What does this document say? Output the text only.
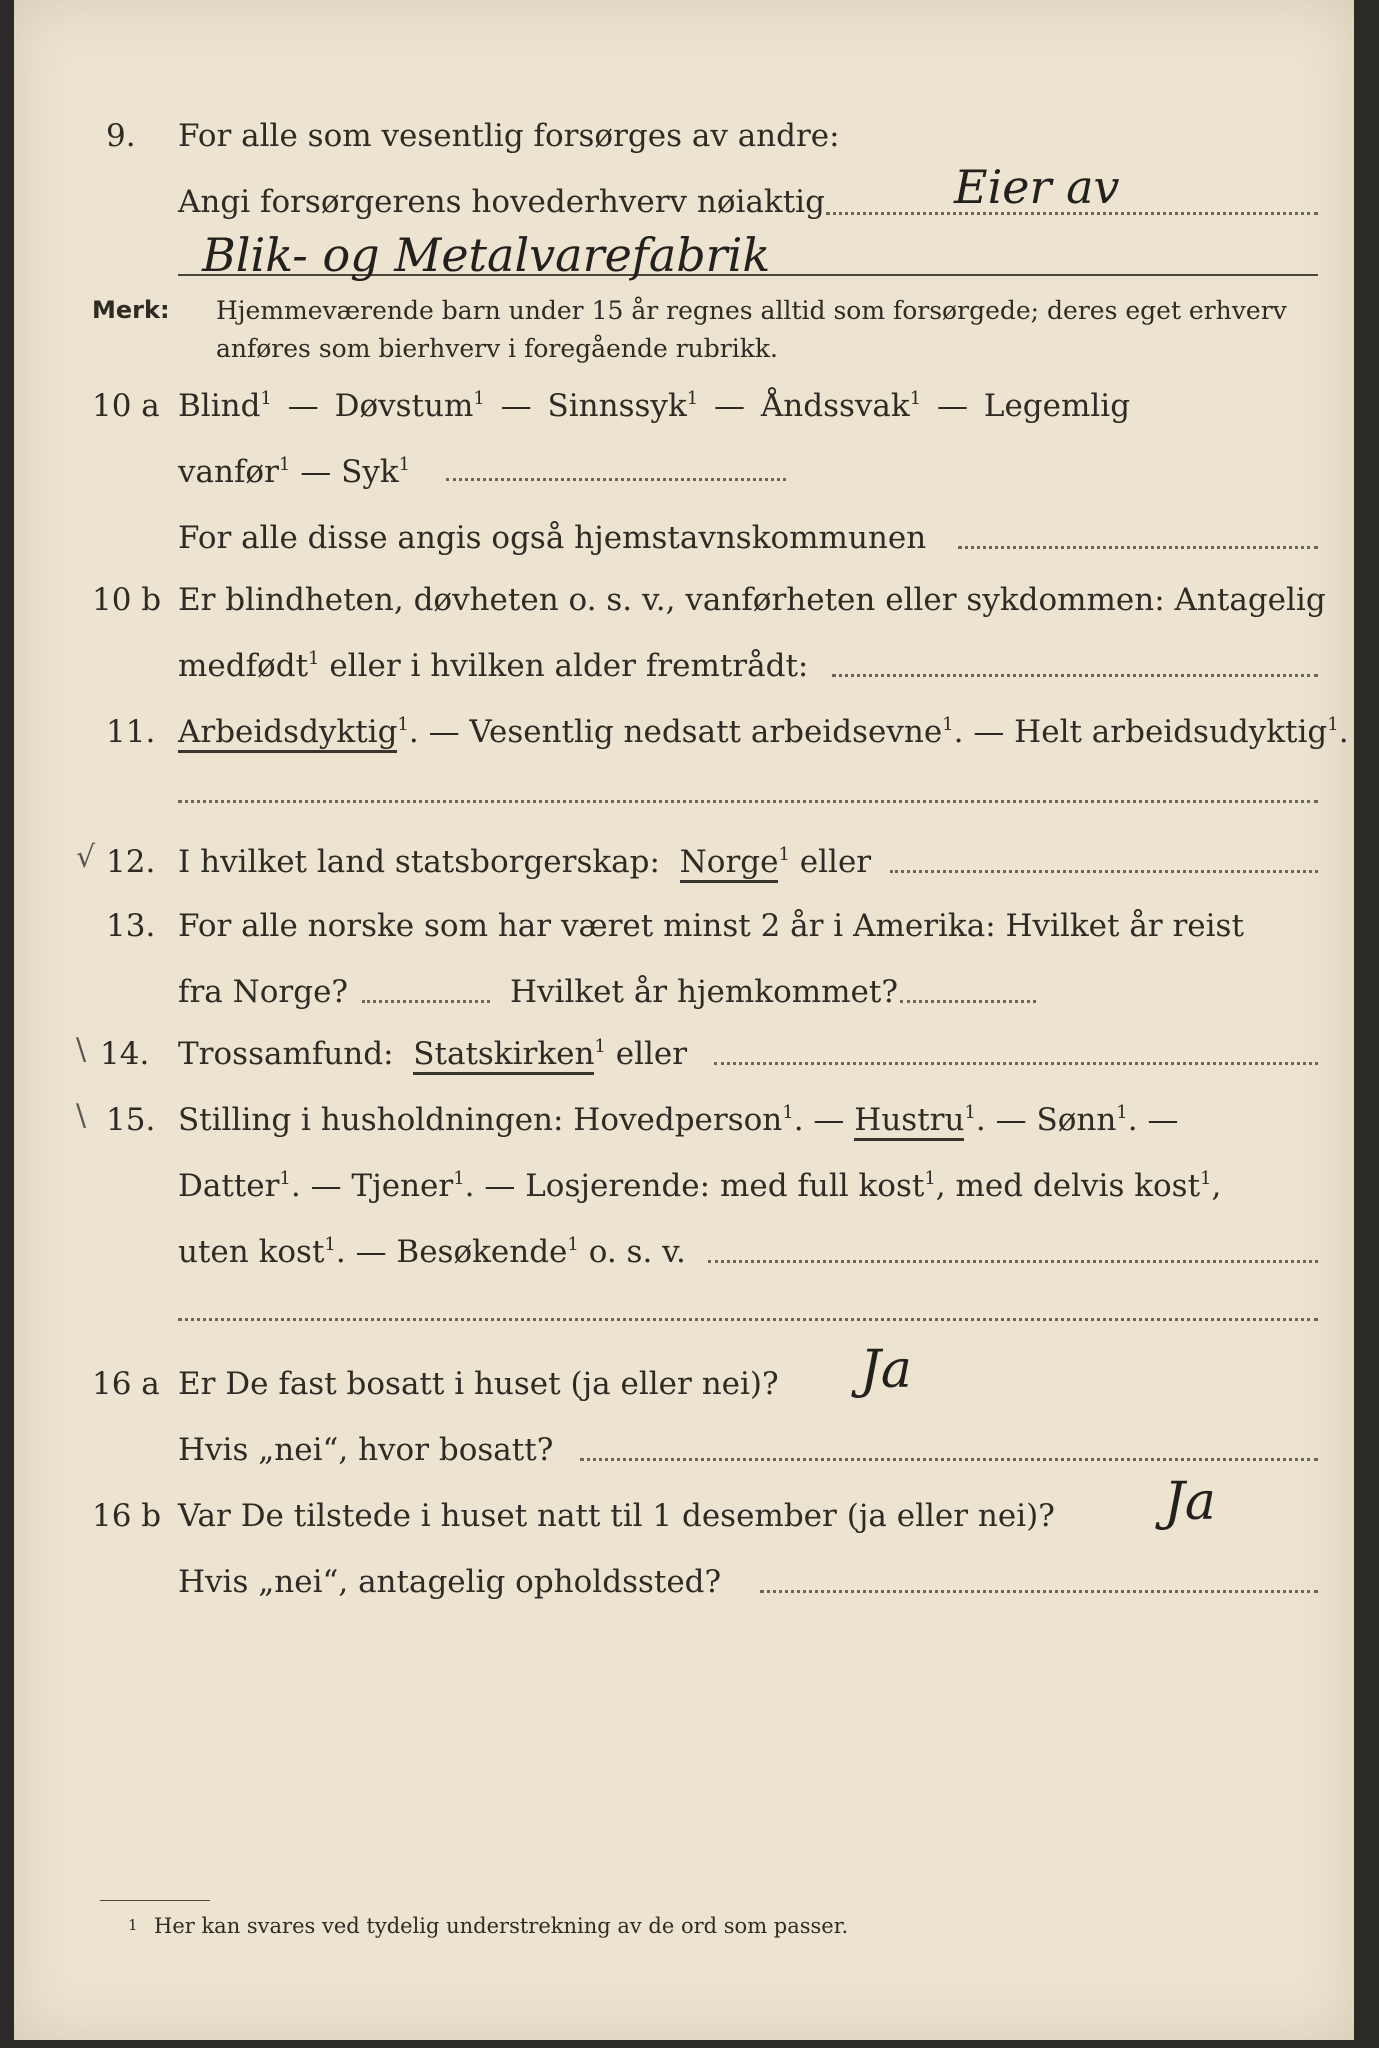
9. For alle som vesentlig forsørges av andre:
Angi forsørgerens hovederhverv nøiaktig	Eier av
Blik- og Metalvarefabrik
Merk: Hjemmeværende barn under 15 år regnes alltid som forsørgede; deres eget erhverv
anføres som bierhverv i foregående rubrikk.
10 a Blind$^1$ — Døvstum$^1$ — Sinnssyk$^1$ — Åndssvak$^1$ — Legemlig
vanfør$^1$ — Syk$^1$
For alle disse angis også hjemstavnskommunen
10 b Er blindheten, døvheten o. s. v., vanførheten eller sykdommen: Antagelig
medfødt$^1$ eller i hvilken alder fremtrådt:
11. Arbeidsdyktig$^1$. — Vesentlig nedsatt arbeidsevne$^1$. — Helt arbeidsudyktig$^1$.
√ 12. I hvilket land statsborgerskap: Norge$^1$ eller
13. For alle norske som har været minst 2 år i Amerika: Hvilket år reist
fra Norge?	Hvilket år hjemkommet?
\ 14. Trossamfund: Statskirken$^1$ eller
\ 15. Stilling i husholdningen: Hovedperson$^1$. — Hustru$^1$. — Sønn$^1$. —
Datter$^1$. — Tjener$^1$. — Losjerende: med full kost$^1$, med delvis kost$^1$,
uten kost$^1$. — Besøkende$^1$ o. s. v.
16 a Er De fast bosatt i huset (ja eller nei)? Ja
Hvis „nei“, hvor bosatt?
16 b Var De tilstede i huset natt til 1 desember (ja eller nei)? Ja
Hvis „nei“, antagelig opholdssted?
1 Her kan svares ved tydelig understrekning av de ord som passer.
